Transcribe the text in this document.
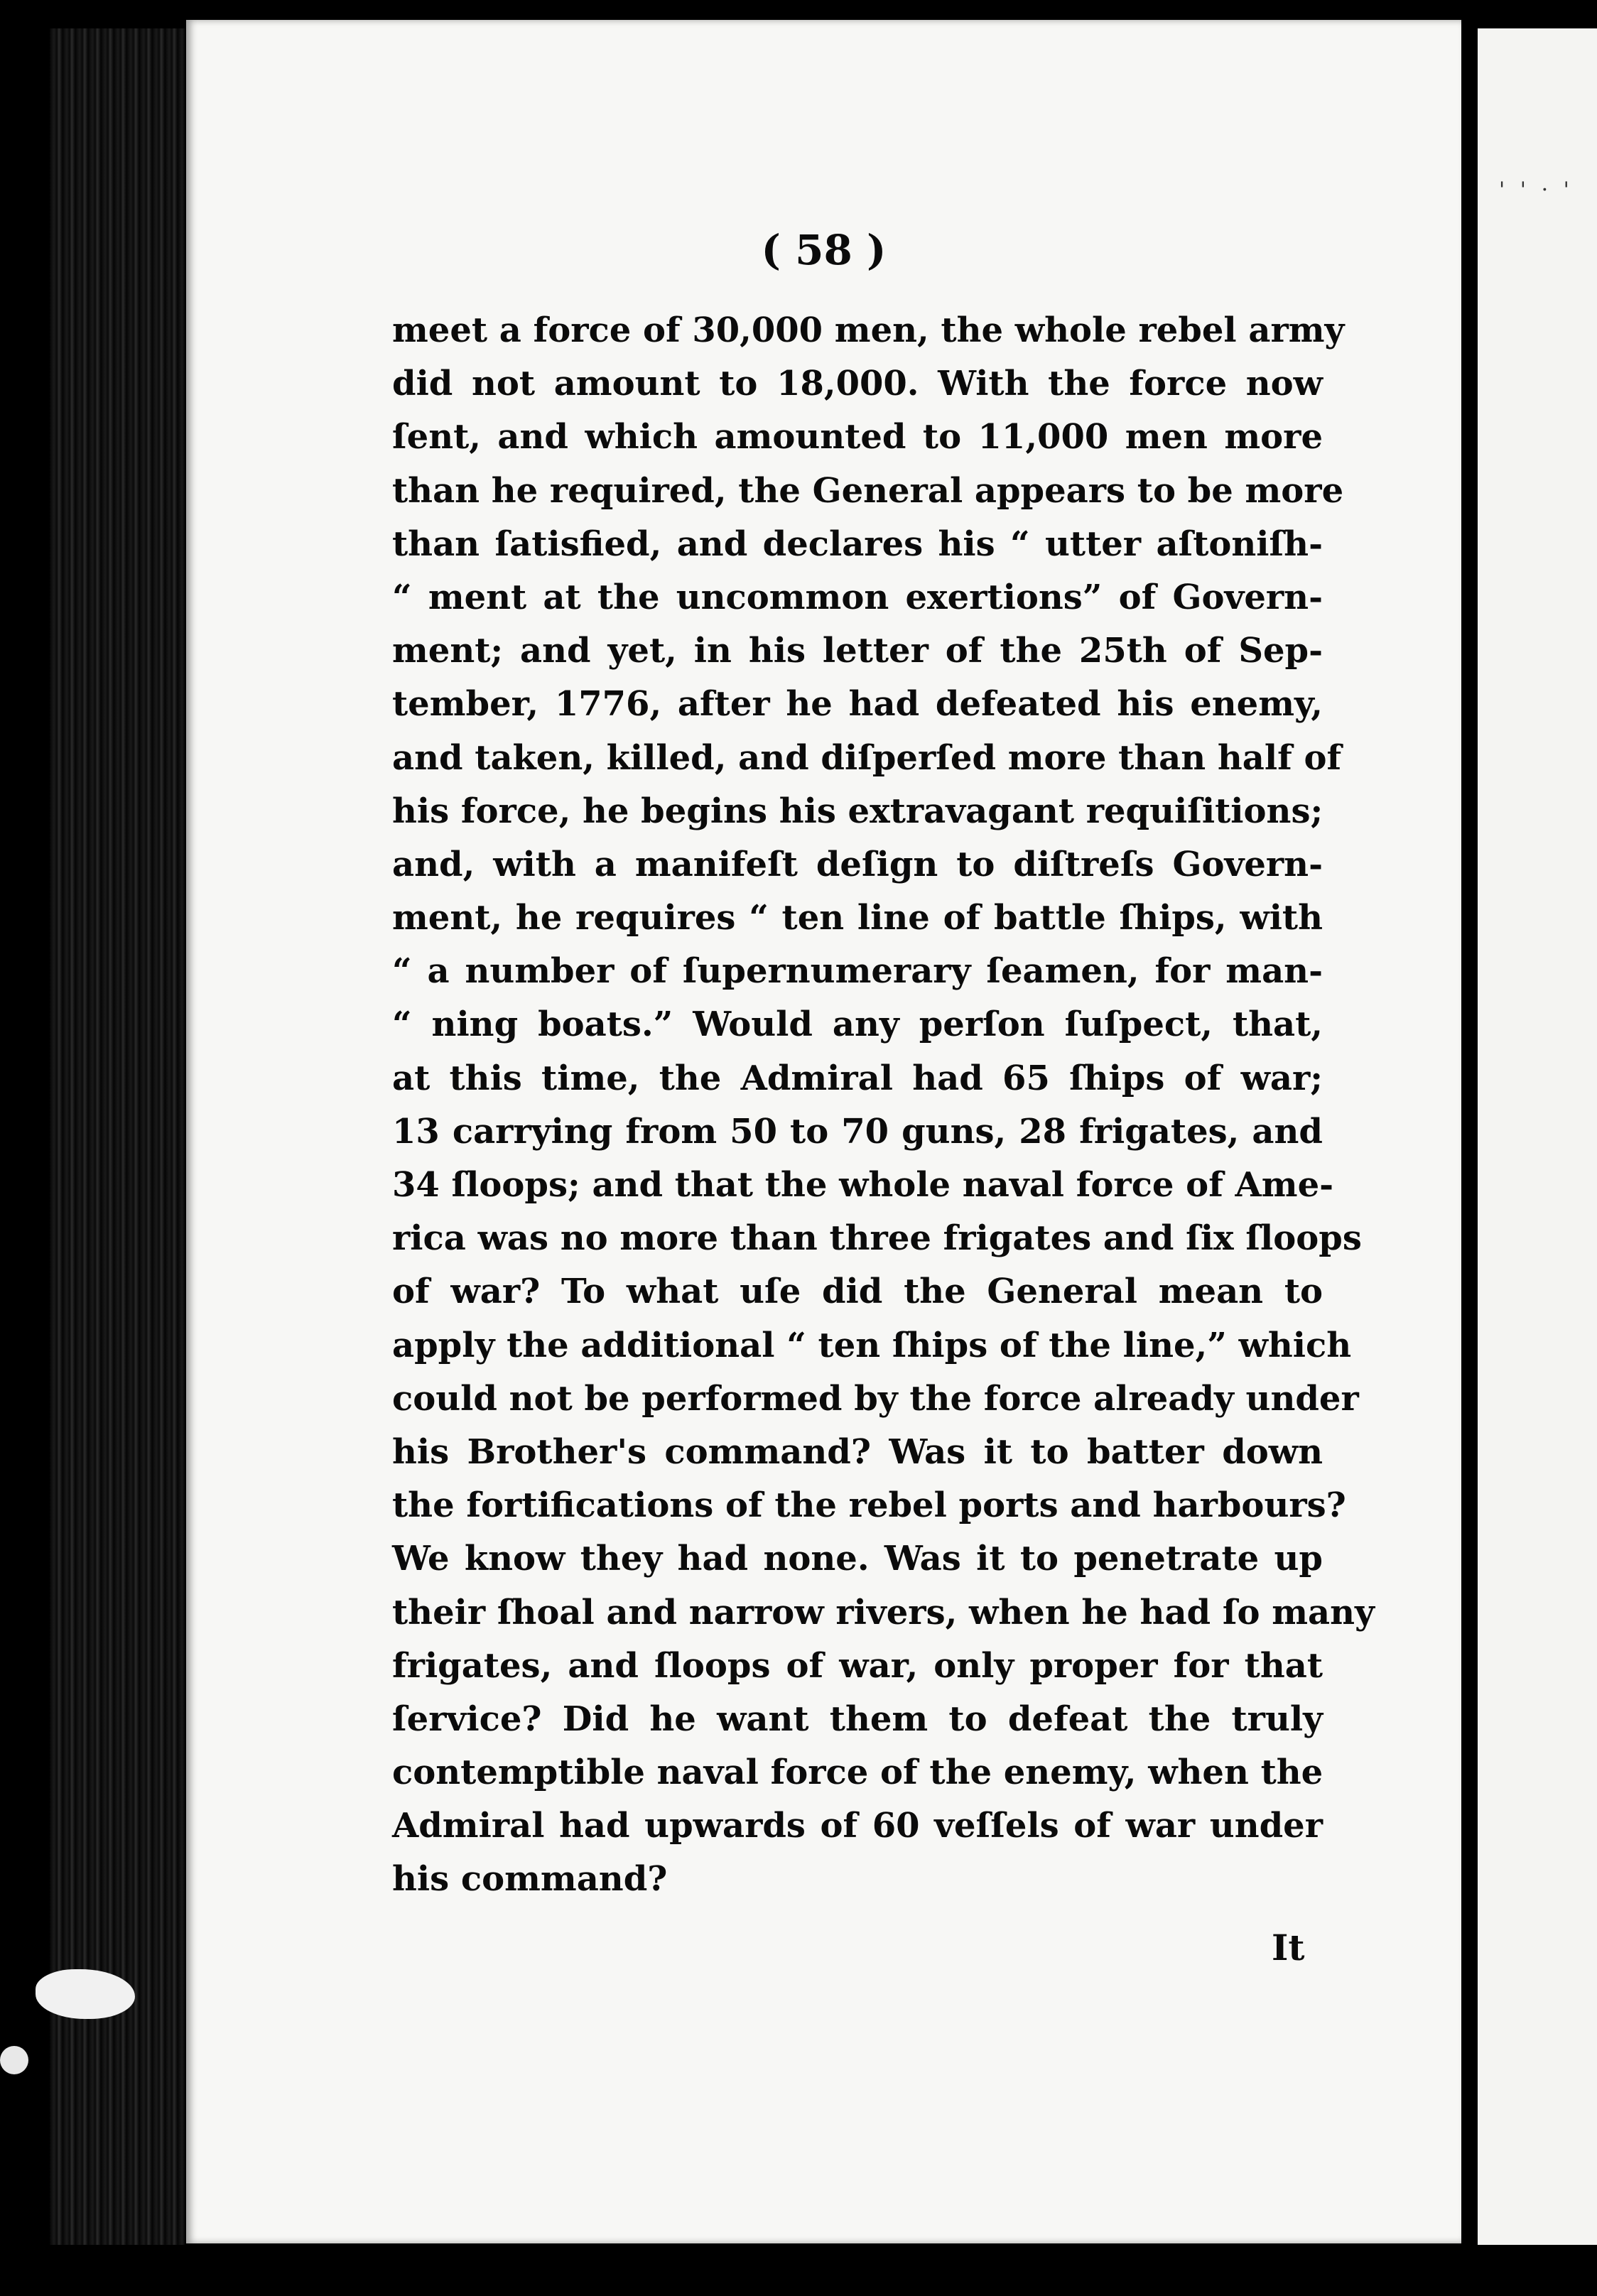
' ' · '
( 58 )
meet a force of 30,000 men, the whole rebel army
did not amount to 18,000. With the force now
ſent, and which amounted to 11,000 men more
than he required, the General appears to be more
than ſatisfied, and declares his “ utter aſtoniſh-
“ ment at the uncommon exertions” of Govern-
ment; and yet, in his letter of the 25th of Sep-
tember, 1776, after he had defeated his enemy,
and taken, killed, and diſperſed more than half of
his force, he begins his extravagant requiſitions;
and, with a manifeſt deſign to diſtreſs Govern-
ment, he requires “ ten line of battle ſhips, with
“ a number of ſupernumerary ſeamen, for man-
“ ning boats.” Would any perſon ſuſpect, that,
at this time, the Admiral had 65 ſhips of war;
13 carrying from 50 to 70 guns, 28 frigates, and
34 ſloops; and that the whole naval force of Ame-
rica was no more than three frigates and ſix ſloops
of war? To what uſe did the General mean to
apply the additional “ ten ſhips of the line,” which
could not be performed by the force already under
his Brother's command? Was it to batter down
the fortifications of the rebel ports and harbours?
We know they had none. Was it to penetrate up
their ſhoal and narrow rivers, when he had ſo many
frigates, and ſloops of war, only proper for that
ſervice? Did he want them to defeat the truly
contemptible naval force of the enemy, when the
Admiral had upwards of 60 veſſels of war under
his command?
It
